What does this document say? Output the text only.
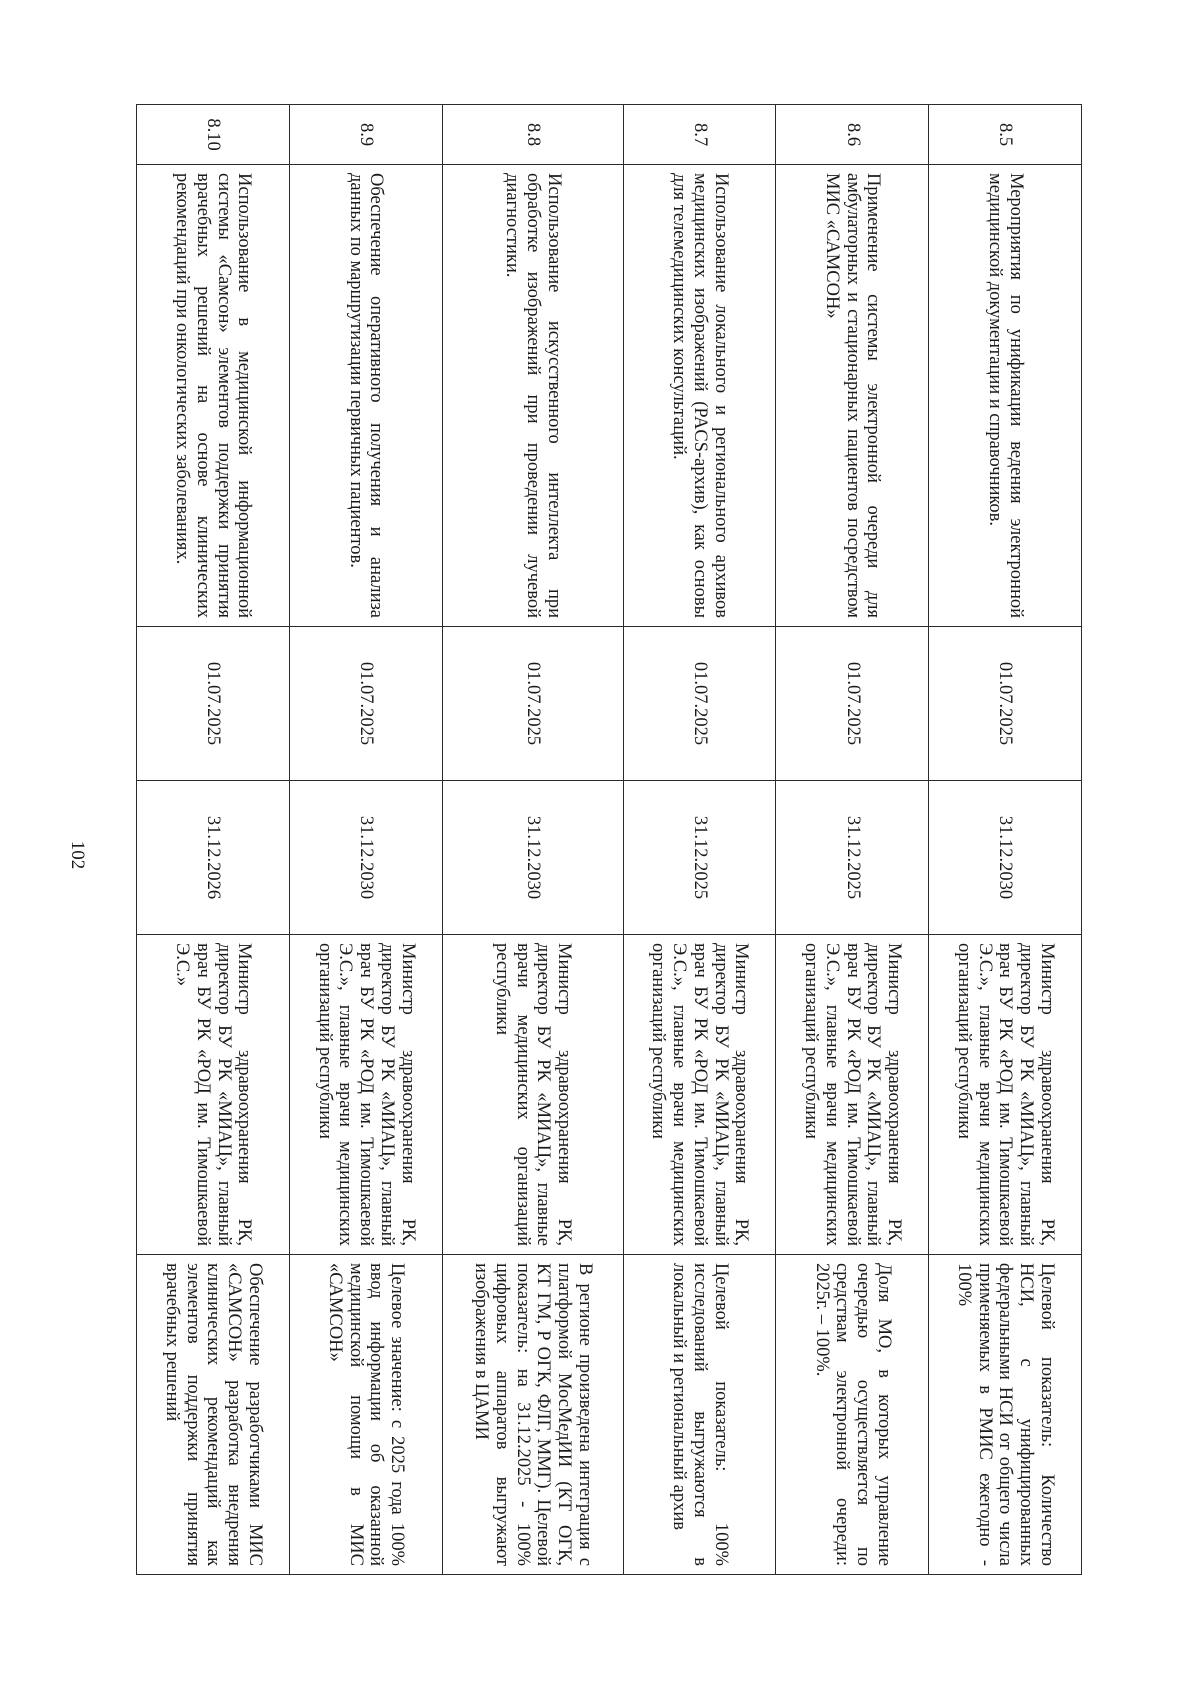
102
8.5	Мероприятия по унификации ведения электронной медицинской документации и справочников.	01.07.2025	31.12.2030	Министр здравоохранения РК, директор БУ РК «МИАЦ», главный врач БУ РК «РОД им. Тимошкаевой Э.С.», главные врачи медицинских организаций республики	Целевой показатель: Количество НСИ, с унифицированных федеральными НСИ от общего числа применяемых в РМИС ежегодно - 100%
8.6	Применение системы электронной очереди для амбулаторных и стационарных пациентов посредством МИС «САМСОН»	01.07.2025	31.12.2025	Министр здравоохранения РК, директор БУ РК «МИАЦ», главный врач БУ РК «РОД им. Тимошкаевой Э.С.», главные врачи медицинских организаций республики	Доля МО, в которых управление очередью осуществляется по средствам электронной очереди: 2025г. – 100%.
8.7	Использование локального и регионального архивов медицинских изображений (PACS-архив), как основы для телемедицинских консультаций.	01.07.2025	31.12.2025	Министр здравоохранения РК, директор БУ РК «МИАЦ», главный врач БУ РК «РОД им. Тимошкаевой Э.С.», главные врачи медицинских организаций республики	Целевой показатель: 100% исследований выгружаются в локальный и региональный архив
8.8	Использование искусственного интеллекта при обработке изображений при проведении лучевой диагностики.	01.07.2025	31.12.2030	Министр здравоохранения РК, директор БУ РК «МИАЦ», главные врачи медицинских организаций республики	В регионе произведена интеграция с платформой МосМедИИ (КТ ОГК, КТ ГМ, Р ОГК, ФЛГ, ММГ). Целевой показатель: на 31.12.2025 - 100% цифровых аппаратов выгружают изображения в ЦАМИ
8.9	Обеспечение оперативного получения и анализа данных по маршрутизации первичных пациентов.	01.07.2025	31.12.2030	Министр здравоохранения РК, директор БУ РК «МИАЦ», главный врач БУ РК «РОД им. Тимошкаевой Э.С.», главные врачи медицинских организаций республики	Целевое значение: с 2025 года 100% ввод информации об оказанной медицинской помощи в МИС «САМСОН»
8.10	Использование в медицинской информационной системы «Самсон» элементов поддержки принятия врачебных решений на основе клинических рекомендаций при онкологических заболеваниях.	01.07.2025	31.12.2026	Министр здравоохранения РК, директор БУ РК «МИАЦ», главный врач БУ РК «РОД им. Тимошкаевой Э.С.»	Обеспечение разработчиками МИС «САМСОН» разработка внедрения клинических рекомендаций как элементов поддержки принятия врачебных решений
